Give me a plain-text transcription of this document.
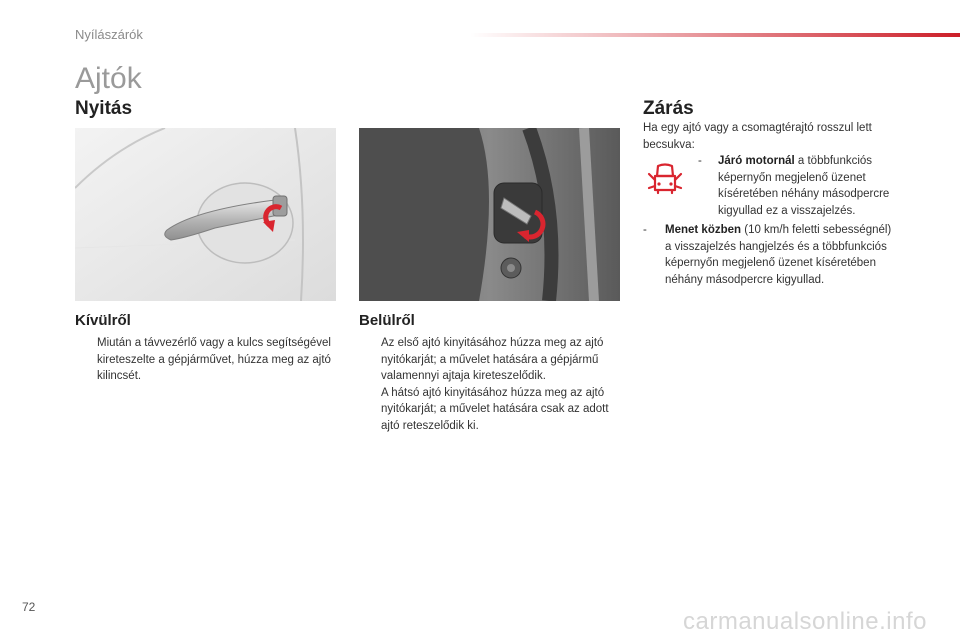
Nyílászárók
Ajtók
Nyitás
Kívülről
Miután a távvezérlő vagy a kulcs segítségével kireteszelte a gépjárművet, húzza meg az ajtó kilincsét.
Belülről
Az első ajtó kinyitásához húzza meg az ajtó nyitókarját; a művelet hatására a gépjármű valamennyi ajtaja kireteszelődik.
A hátsó ajtó kinyitásához húzza meg az ajtó nyitókarját; a művelet hatására csak az adott ajtó reteszelődik ki.
Zárás
Ha egy ajtó vagy a csomagtérajtó rosszul lett becsukva:
- Járó motornál a többfunkciós képernyőn megjelenő üzenet kíséretében néhány másodpercre kigyullad ez a visszajelzés.
- Menet közben (10 km/h feletti sebességnél) a visszajelzés hangjelzés és a többfunkciós képernyőn megjelenő üzenet kíséretében néhány másodpercre kigyullad.
72
carmanualsonline.info
